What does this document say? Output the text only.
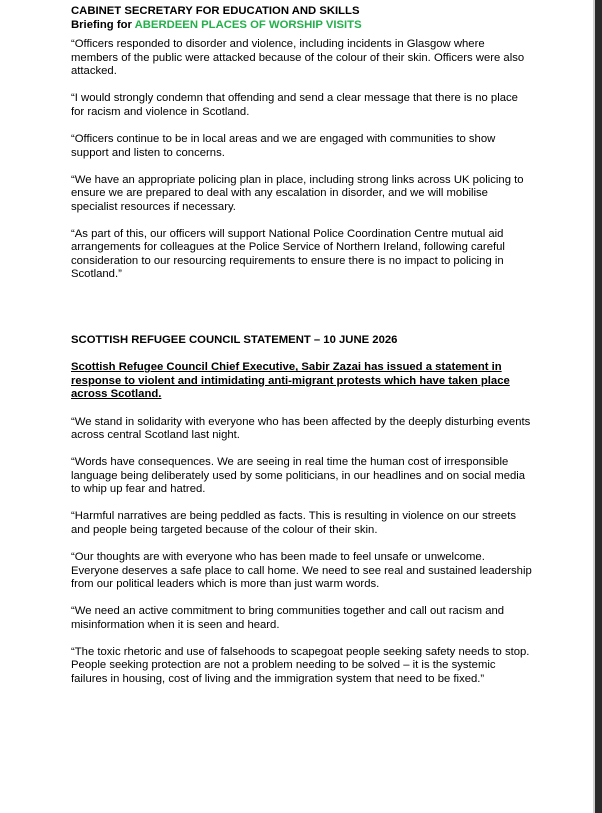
CABINET SECRETARY FOR EDUCATION AND SKILLS
Briefing for ABERDEEN PLACES OF WORSHIP VISITS

“Officers responded to disorder and violence, including incidents in Glasgow where members of the public were attacked because of the colour of their skin. Officers were also attacked.

“I would strongly condemn that offending and send a clear message that there is no place for racism and violence in Scotland.

“Officers continue to be in local areas and we are engaged with communities to show support and listen to concerns.

“We have an appropriate policing plan in place, including strong links across UK policing to ensure we are prepared to deal with any escalation in disorder, and we will mobilise specialist resources if necessary.

“As part of this, our officers will support National Police Coordination Centre mutual aid arrangements for colleagues at the Police Service of Northern Ireland, following careful consideration to our resourcing requirements to ensure there is no impact to policing in Scotland.”

SCOTTISH REFUGEE COUNCIL STATEMENT – 10 JUNE 2026
Scottish Refugee Council Chief Executive, Sabir Zazai has issued a statement in response to violent and intimidating anti-migrant protests which have taken place across Scotland.

“We stand in solidarity with everyone who has been affected by the deeply disturbing events across central Scotland last night.

“Words have consequences. We are seeing in real time the human cost of irresponsible language being deliberately used by some politicians, in our headlines and on social media to whip up fear and hatred.

“Harmful narratives are being peddled as facts. This is resulting in violence on our streets and people being targeted because of the colour of their skin.

“Our thoughts are with everyone who has been made to feel unsafe or unwelcome. Everyone deserves a safe place to call home. We need to see real and sustained leadership from our political leaders which is more than just warm words.

“We need an active commitment to bring communities together and call out racism and misinformation when it is seen and heard.

“The toxic rhetoric and use of falsehoods to scapegoat people seeking safety needs to stop. People seeking protection are not a problem needing to be solved – it is the systemic failures in housing, cost of living and the immigration system that need to be fixed.”
